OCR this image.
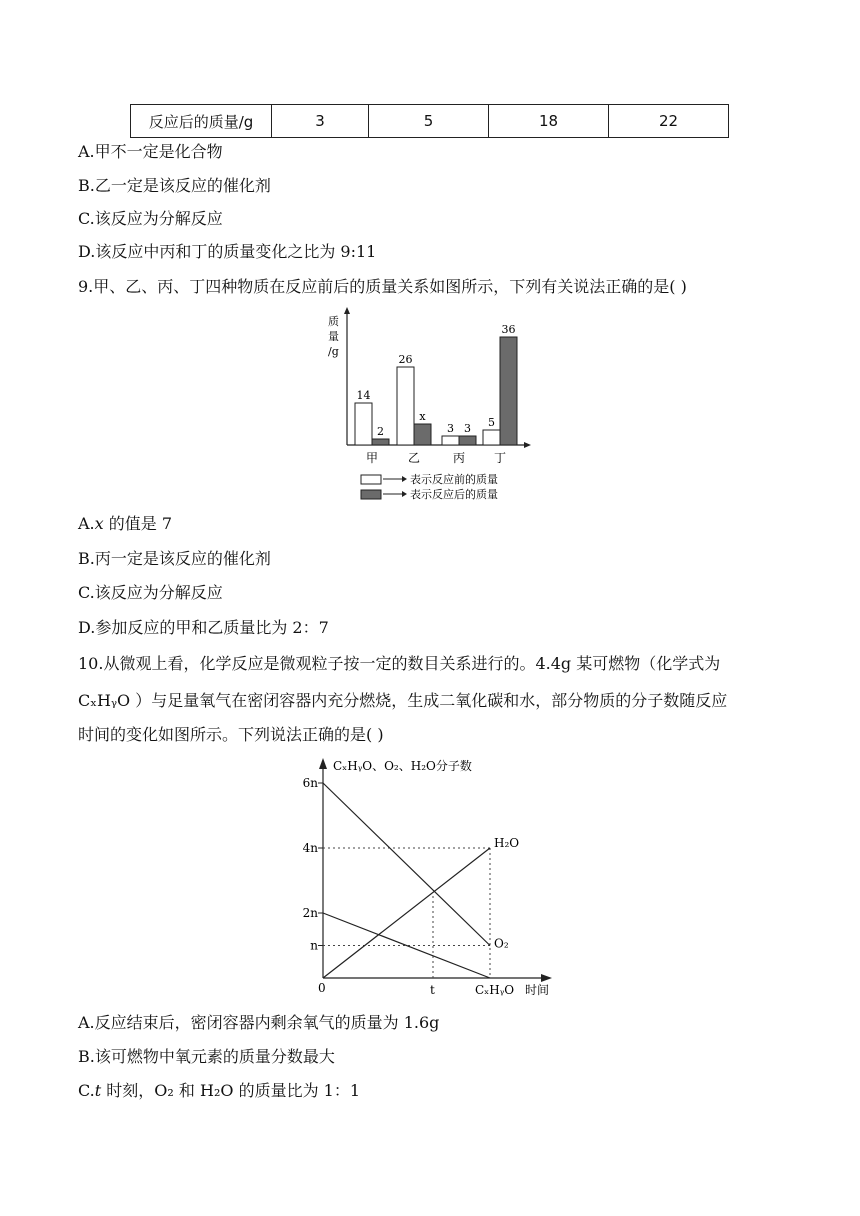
反应后的质量/g	3	5	18	22
A.甲不一定是化合物
B.乙一定是该反应的催化剂
C.该反应为分解反应
D.该反应中丙和丁的质量变化之比为 9:11
9.甲、乙、丙、丁四种物质在反应前后的质量关系如图所示，下列有关说法正确的是( )
质
量
/g
14
2
甲
26
x
乙
3 3
丙
5
36
丁
表示反应前的质量
表示反应后的质量
A.x 的值是 7
B.丙一定是该反应的催化剂
C.该反应为分解反应
D.参加反应的甲和乙质量比为 2：7
10.从微观上看，化学反应是微观粒子按一定的数目关系进行的。4.4g 某可燃物（化学式为
CₓHᵧO ）与足量氧气在密闭容器内充分燃烧，生成二氧化碳和水，部分物质的分子数随反应
时间的变化如图所示。下列说法正确的是( )
CₓHᵧO、O₂、H₂O分子数
6n
4n
2n
n	O₂
H₂O
0	t	CₓHᵧO 时间
A.反应结束后，密闭容器内剩余氧气的质量为 1.6g
B.该可燃物中氧元素的质量分数最大
C.t 时刻，O₂ 和 H₂O 的质量比为 1：1
